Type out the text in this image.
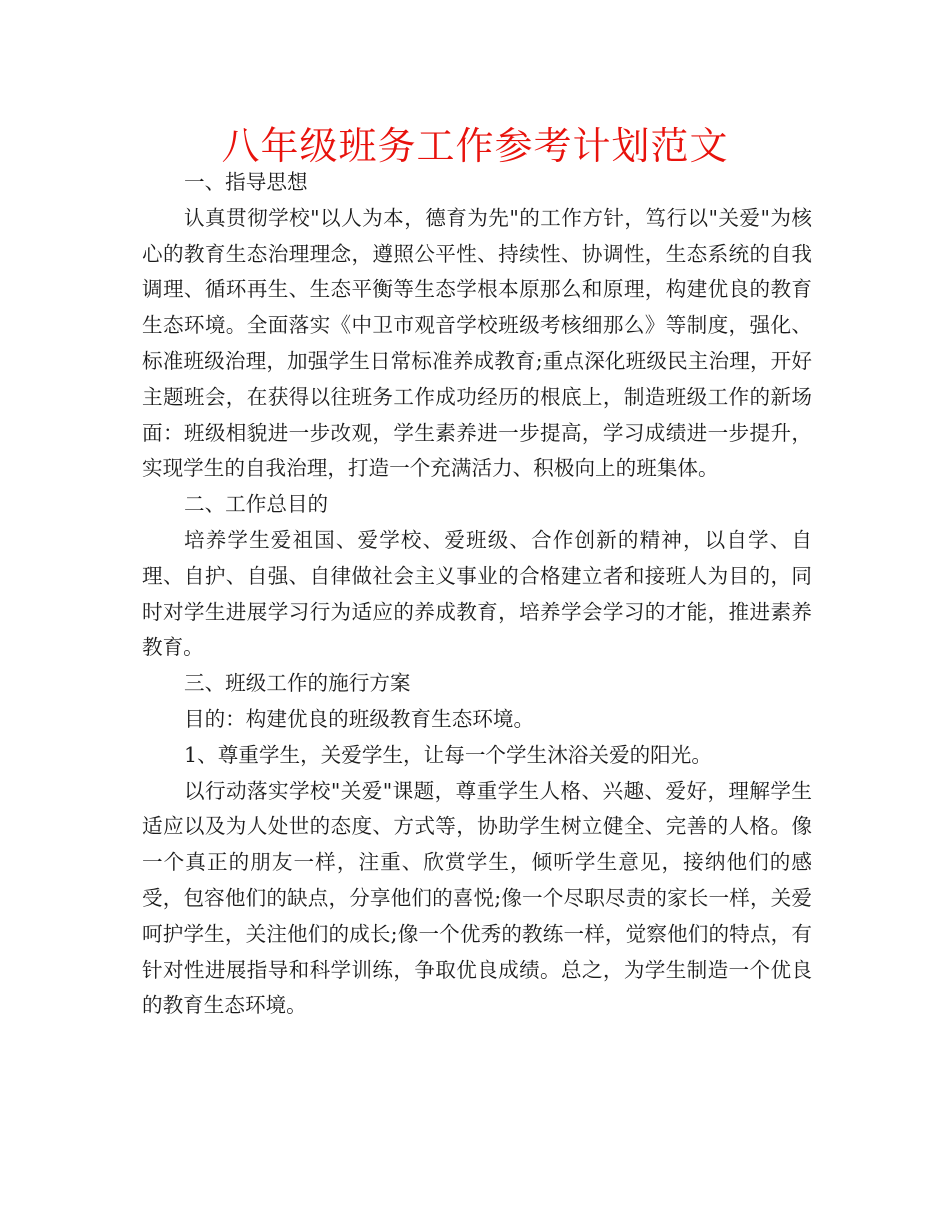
八年级班务工作参考计划范文

一、指导思想

认真贯彻学校"以人为本，德育为先"的工作方针，笃行以"关爱"为核心的教育生态治理理念，遵照公平性、持续性、协调性，生态系统的自我调理、循环再生、生态平衡等生态学根本原那么和原理，构建优良的教育生态环境。全面落实《中卫市观音学校班级考核细那么》等制度，强化、标准班级治理，加强学生日常标准养成教育;重点深化班级民主治理，开好主题班会，在获得以往班务工作成功经历的根底上，制造班级工作的新场面：班级相貌进一步改观，学生素养进一步提高，学习成绩进一步提升，实现学生的自我治理，打造一个充满活力、积极向上的班集体。

二、工作总目的

培养学生爱祖国、爱学校、爱班级、合作创新的精神，以自学、自理、自护、自强、自律做社会主义事业的合格建立者和接班人为目的，同时对学生进展学习行为适应的养成教育，培养学会学习的才能，推进素养教育。

三、班级工作的施行方案

目的：构建优良的班级教育生态环境。

1、尊重学生，关爱学生，让每一个学生沐浴关爱的阳光。

以行动落实学校"关爱"课题，尊重学生人格、兴趣、爱好，理解学生适应以及为人处世的态度、方式等，协助学生树立健全、完善的人格。像一个真正的朋友一样，注重、欣赏学生，倾听学生意见，接纳他们的感受，包容他们的缺点，分享他们的喜悦;像一个尽职尽责的家长一样，关爱呵护学生，关注他们的成长;像一个优秀的教练一样，觉察他们的特点，有针对性进展指导和科学训练，争取优良成绩。总之，为学生制造一个优良的教育生态环境。
